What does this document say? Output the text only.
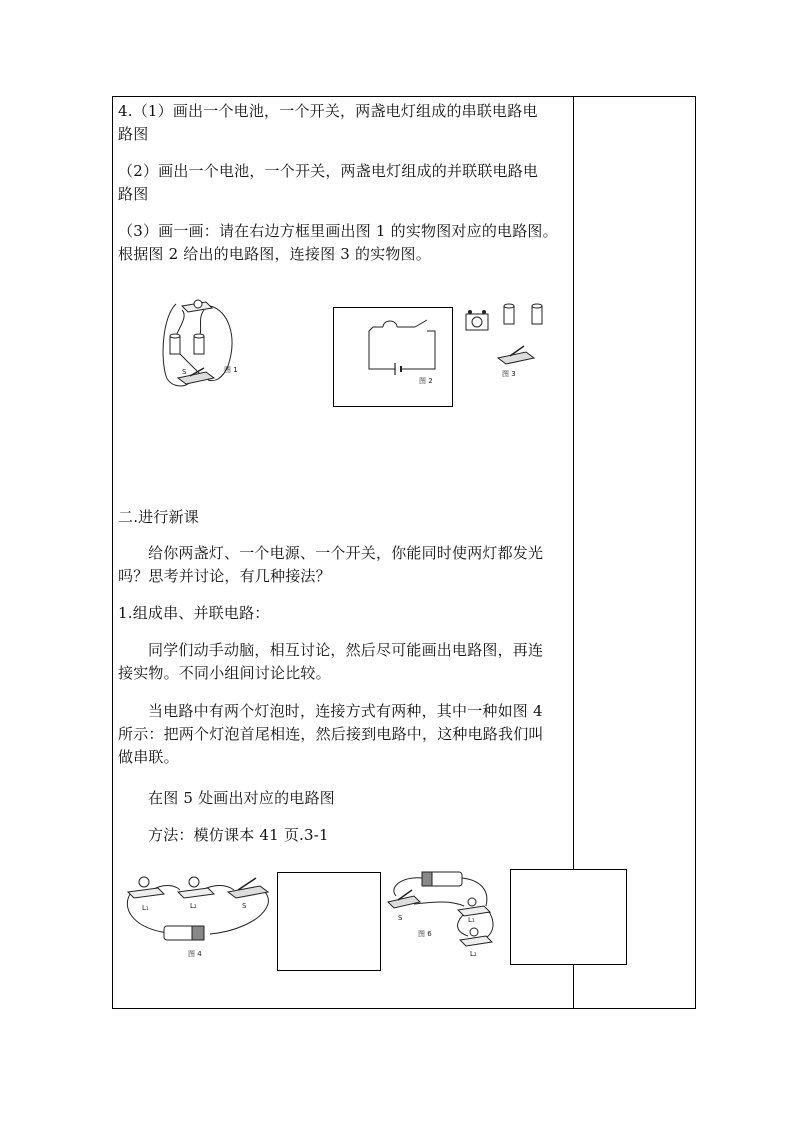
4.（1）画出一个电池，一个开关，两盏电灯组成的串联电路电
路图
（2）画出一个电池，一个开关，两盏电灯组成的并联联电路电
路图
（3）画一画：请在右边方框里画出图 1 的实物图对应的电路图。
根据图 2 给出的电路图，连接图 3 的实物图。
S	图 1
图 2
图 3
二.进行新课
给你两盏灯、一个电源、一个开关，你能同时使两灯都发光
吗？思考并讨论，有几种接法？
1.组成串、并联电路：
同学们动手动脑，相互讨论，然后尽可能画出电路图，再连
接实物。不同小组间讨论比较。
当电路中有两个灯泡时，连接方式有两种，其中一种如图 4
所示：把两个灯泡首尾相连，然后接到电路中，这种电路我们叫
做串联。
在图 5 处画出对应的电路图
方法：模仿课本 41 页.3-1
L₁	L₂	S
图 4
S	L₁
L₂
图 6
